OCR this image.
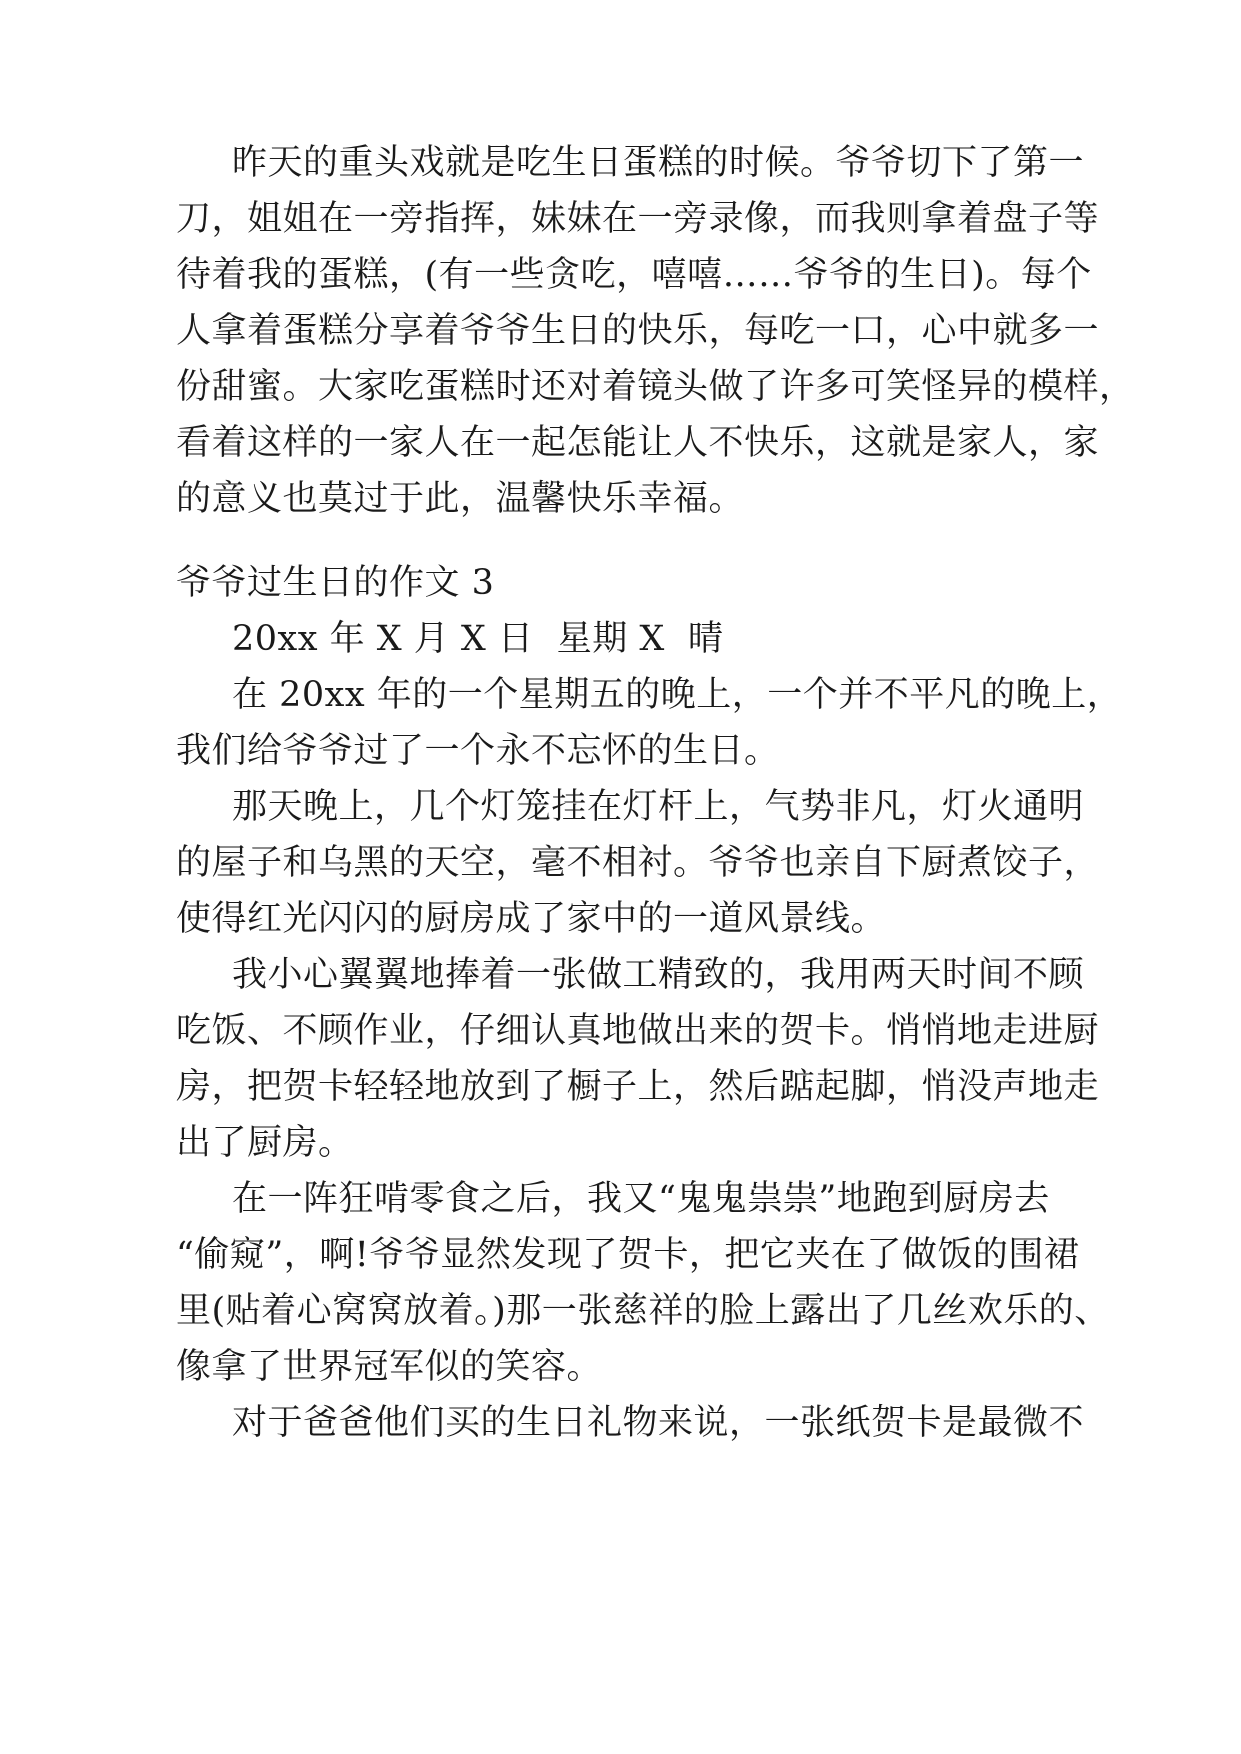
昨天的重头戏就是吃生日蛋糕的时候。爷爷切下了第一
刀，姐姐在一旁指挥，妹妹在一旁录像，而我则拿着盘子等
待着我的蛋糕，(有一些贪吃，嘻嘻……爷爷的生日)。每个
人拿着蛋糕分享着爷爷生日的快乐，每吃一口，心中就多一
份甜蜜。大家吃蛋糕时还对着镜头做了许多可笑怪异的模样，
看着这样的一家人在一起怎能让人不快乐，这就是家人，家
的意义也莫过于此，温馨快乐幸福。
爷爷过生日的作文 3
20xx 年 X 月 X 日  星期 X  晴
在 20xx 年的一个星期五的晚上，一个并不平凡的晚上，
我们给爷爷过了一个永不忘怀的生日。
那天晚上，几个灯笼挂在灯杆上，气势非凡，灯火通明
的屋子和乌黑的天空，毫不相衬。爷爷也亲自下厨煮饺子，
使得红光闪闪的厨房成了家中的一道风景线。
我小心翼翼地捧着一张做工精致的，我用两天时间不顾
吃饭、不顾作业，仔细认真地做出来的贺卡。悄悄地走进厨
房，把贺卡轻轻地放到了橱子上，然后踮起脚，悄没声地走
出了厨房。
在一阵狂啃零食之后，我又“鬼鬼祟祟”地跑到厨房去
“偷窥”，啊!爷爷显然发现了贺卡，把它夹在了做饭的围裙
里(贴着心窝窝放着。)那一张慈祥的脸上露出了几丝欢乐的、
像拿了世界冠军似的笑容。
对于爸爸他们买的生日礼物来说，一张纸贺卡是最微不
